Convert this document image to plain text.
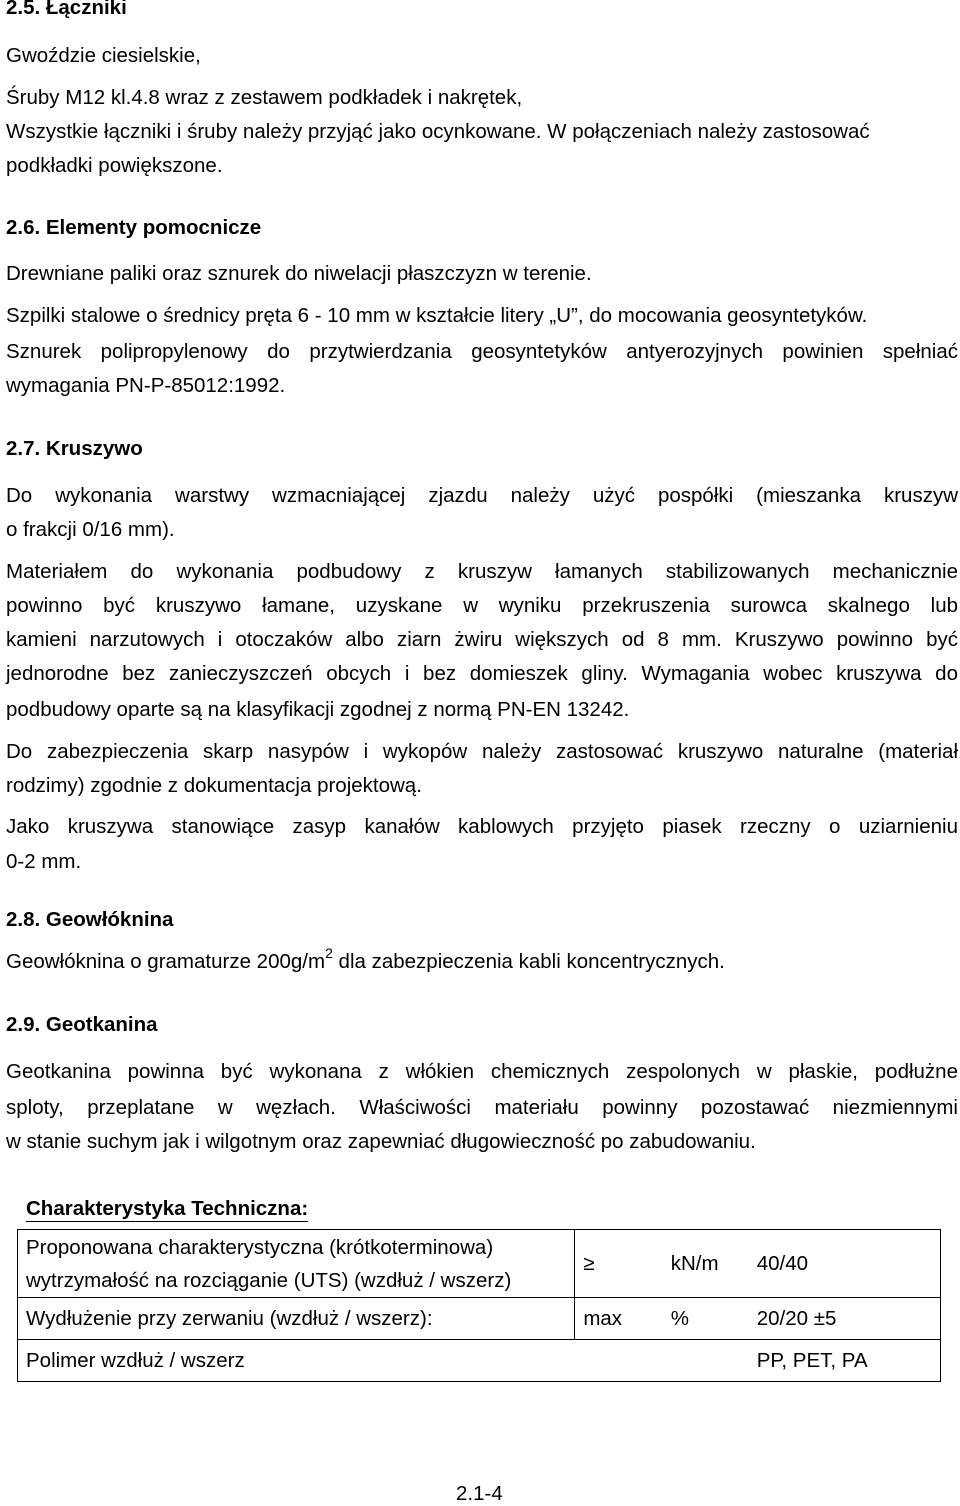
2.5. Łączniki
Gwoździe ciesielskie,
Śruby M12 kl.4.8 wraz z zestawem podkładek i nakrętek,
Wszystkie łączniki i śruby należy przyjąć jako ocynkowane. W połączeniach należy zastosować
podkładki powiększone.
2.6. Elementy pomocnicze
Drewniane paliki oraz sznurek do niwelacji płaszczyzn w terenie.
Szpilki stalowe o średnicy pręta 6 - 10 mm w kształcie litery „U”, do mocowania geosyntetyków.
Sznurek polipropylenowy do przytwierdzania geosyntetyków antyerozyjnych powinien spełniać
wymagania PN-P-85012:1992.
2.7. Kruszywo
Do wykonania warstwy wzmacniającej zjazdu należy użyć pospółki (mieszanka kruszyw
o frakcji 0/16 mm).
Materiałem do wykonania podbudowy z kruszyw łamanych stabilizowanych mechanicznie
powinno być kruszywo łamane, uzyskane w wyniku przekruszenia surowca skalnego lub
kamieni narzutowych i otoczaków albo ziarn żwiru większych od 8 mm. Kruszywo powinno być
jednorodne bez zanieczyszczeń obcych i bez domieszek gliny. Wymagania wobec kruszywa do
podbudowy oparte są na klasyfikacji zgodnej z normą PN-EN 13242.
Do zabezpieczenia skarp nasypów i wykopów należy zastosować kruszywo naturalne (materiał
rodzimy) zgodnie z dokumentacja projektową.
Jako kruszywa stanowiące zasyp kanałów kablowych przyjęto piasek rzeczny o uziarnieniu
0-2 mm.
2.8. Geowłóknina
Geowłóknina o gramaturze $200g/m^2$ dla zabezpieczenia kabli koncentrycznych.
2.9. Geotkanina
Geotkanina powinna być wykonana z włókien chemicznych zespolonych w płaskie, podłużne
sploty, przeplatane w węzłach. Właściwości materiału powinny pozostawać niezmiennymi
w stanie suchym jak i wilgotnym oraz zapewniać długowieczność po zabudowaniu.
Charakterystyka Techniczna:
Proponowana charakterystyczna (krótkoterminowa)
wytrzymałość na rozciąganie (UTS) (wzdłuż / wszerz)	≥	kN/m	40/40
Wydłużenie przy zerwaniu (wzdłuż / wszerz):	max	%	20/20 ±5
Polimer wzdłuż / wszerz			PP, PET, PA
2.1-4
